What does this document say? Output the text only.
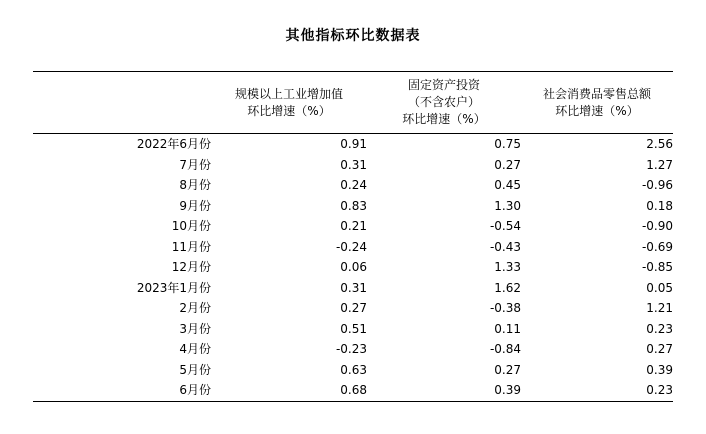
其他指标环比数据表

规模以上工业增加值
环比增速（%）

固定资产投资
（不含农户）
环比增速（%）

社会消费品零售总额
环比增速（%）

2022年6月份	0.91	0.75	2.56
7月份	0.31	0.27	1.27
8月份	0.24	0.45	-0.96
9月份	0.83	1.30	0.18
10月份	0.21	-0.54	-0.90
11月份	-0.24	-0.43	-0.69
12月份	0.06	1.33	-0.85
2023年1月份	0.31	1.62	0.05
2月份	0.27	-0.38	1.21
3月份	0.51	0.11	0.23
4月份	-0.23	-0.84	0.27
5月份	0.63	0.27	0.39
6月份	0.68	0.39	0.23
